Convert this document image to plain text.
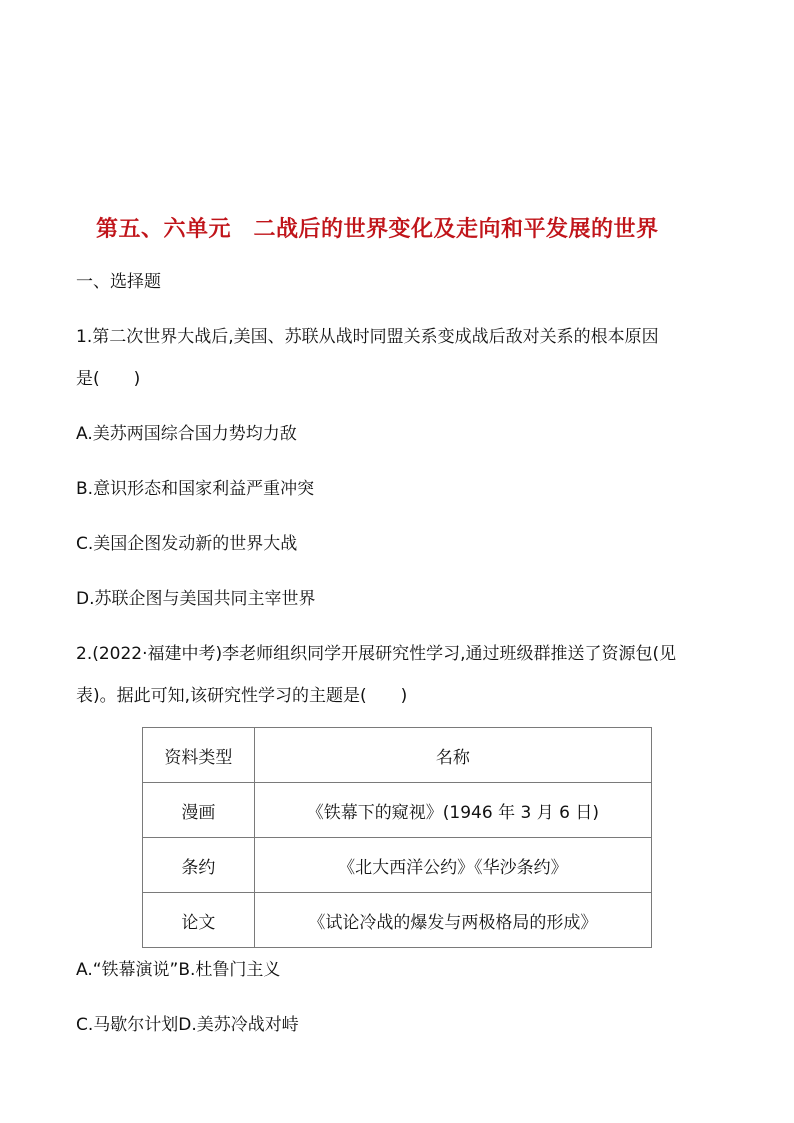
第五、六单元　二战后的世界变化及走向和平发展的世界
一、选择题
1.第二次世界大战后,美国、苏联从战时同盟关系变成战后敌对关系的根本原因
是(　　)
A.美苏两国综合国力势均力敌
B.意识形态和国家利益严重冲突
C.美国企图发动新的世界大战
D.苏联企图与美国共同主宰世界
2.(2022·福建中考)李老师组织同学开展研究性学习,通过班级群推送了资源包(见
表)。据此可知,该研究性学习的主题是(　　)
资料类型	名称
漫画	《铁幕下的窥视》(1946 年 3 月 6 日)
条约	《北大西洋公约》《华沙条约》
论文	《试论冷战的爆发与两极格局的形成》
A.“铁幕演说”B.杜鲁门主义
C.马歇尔计划D.美苏冷战对峙
